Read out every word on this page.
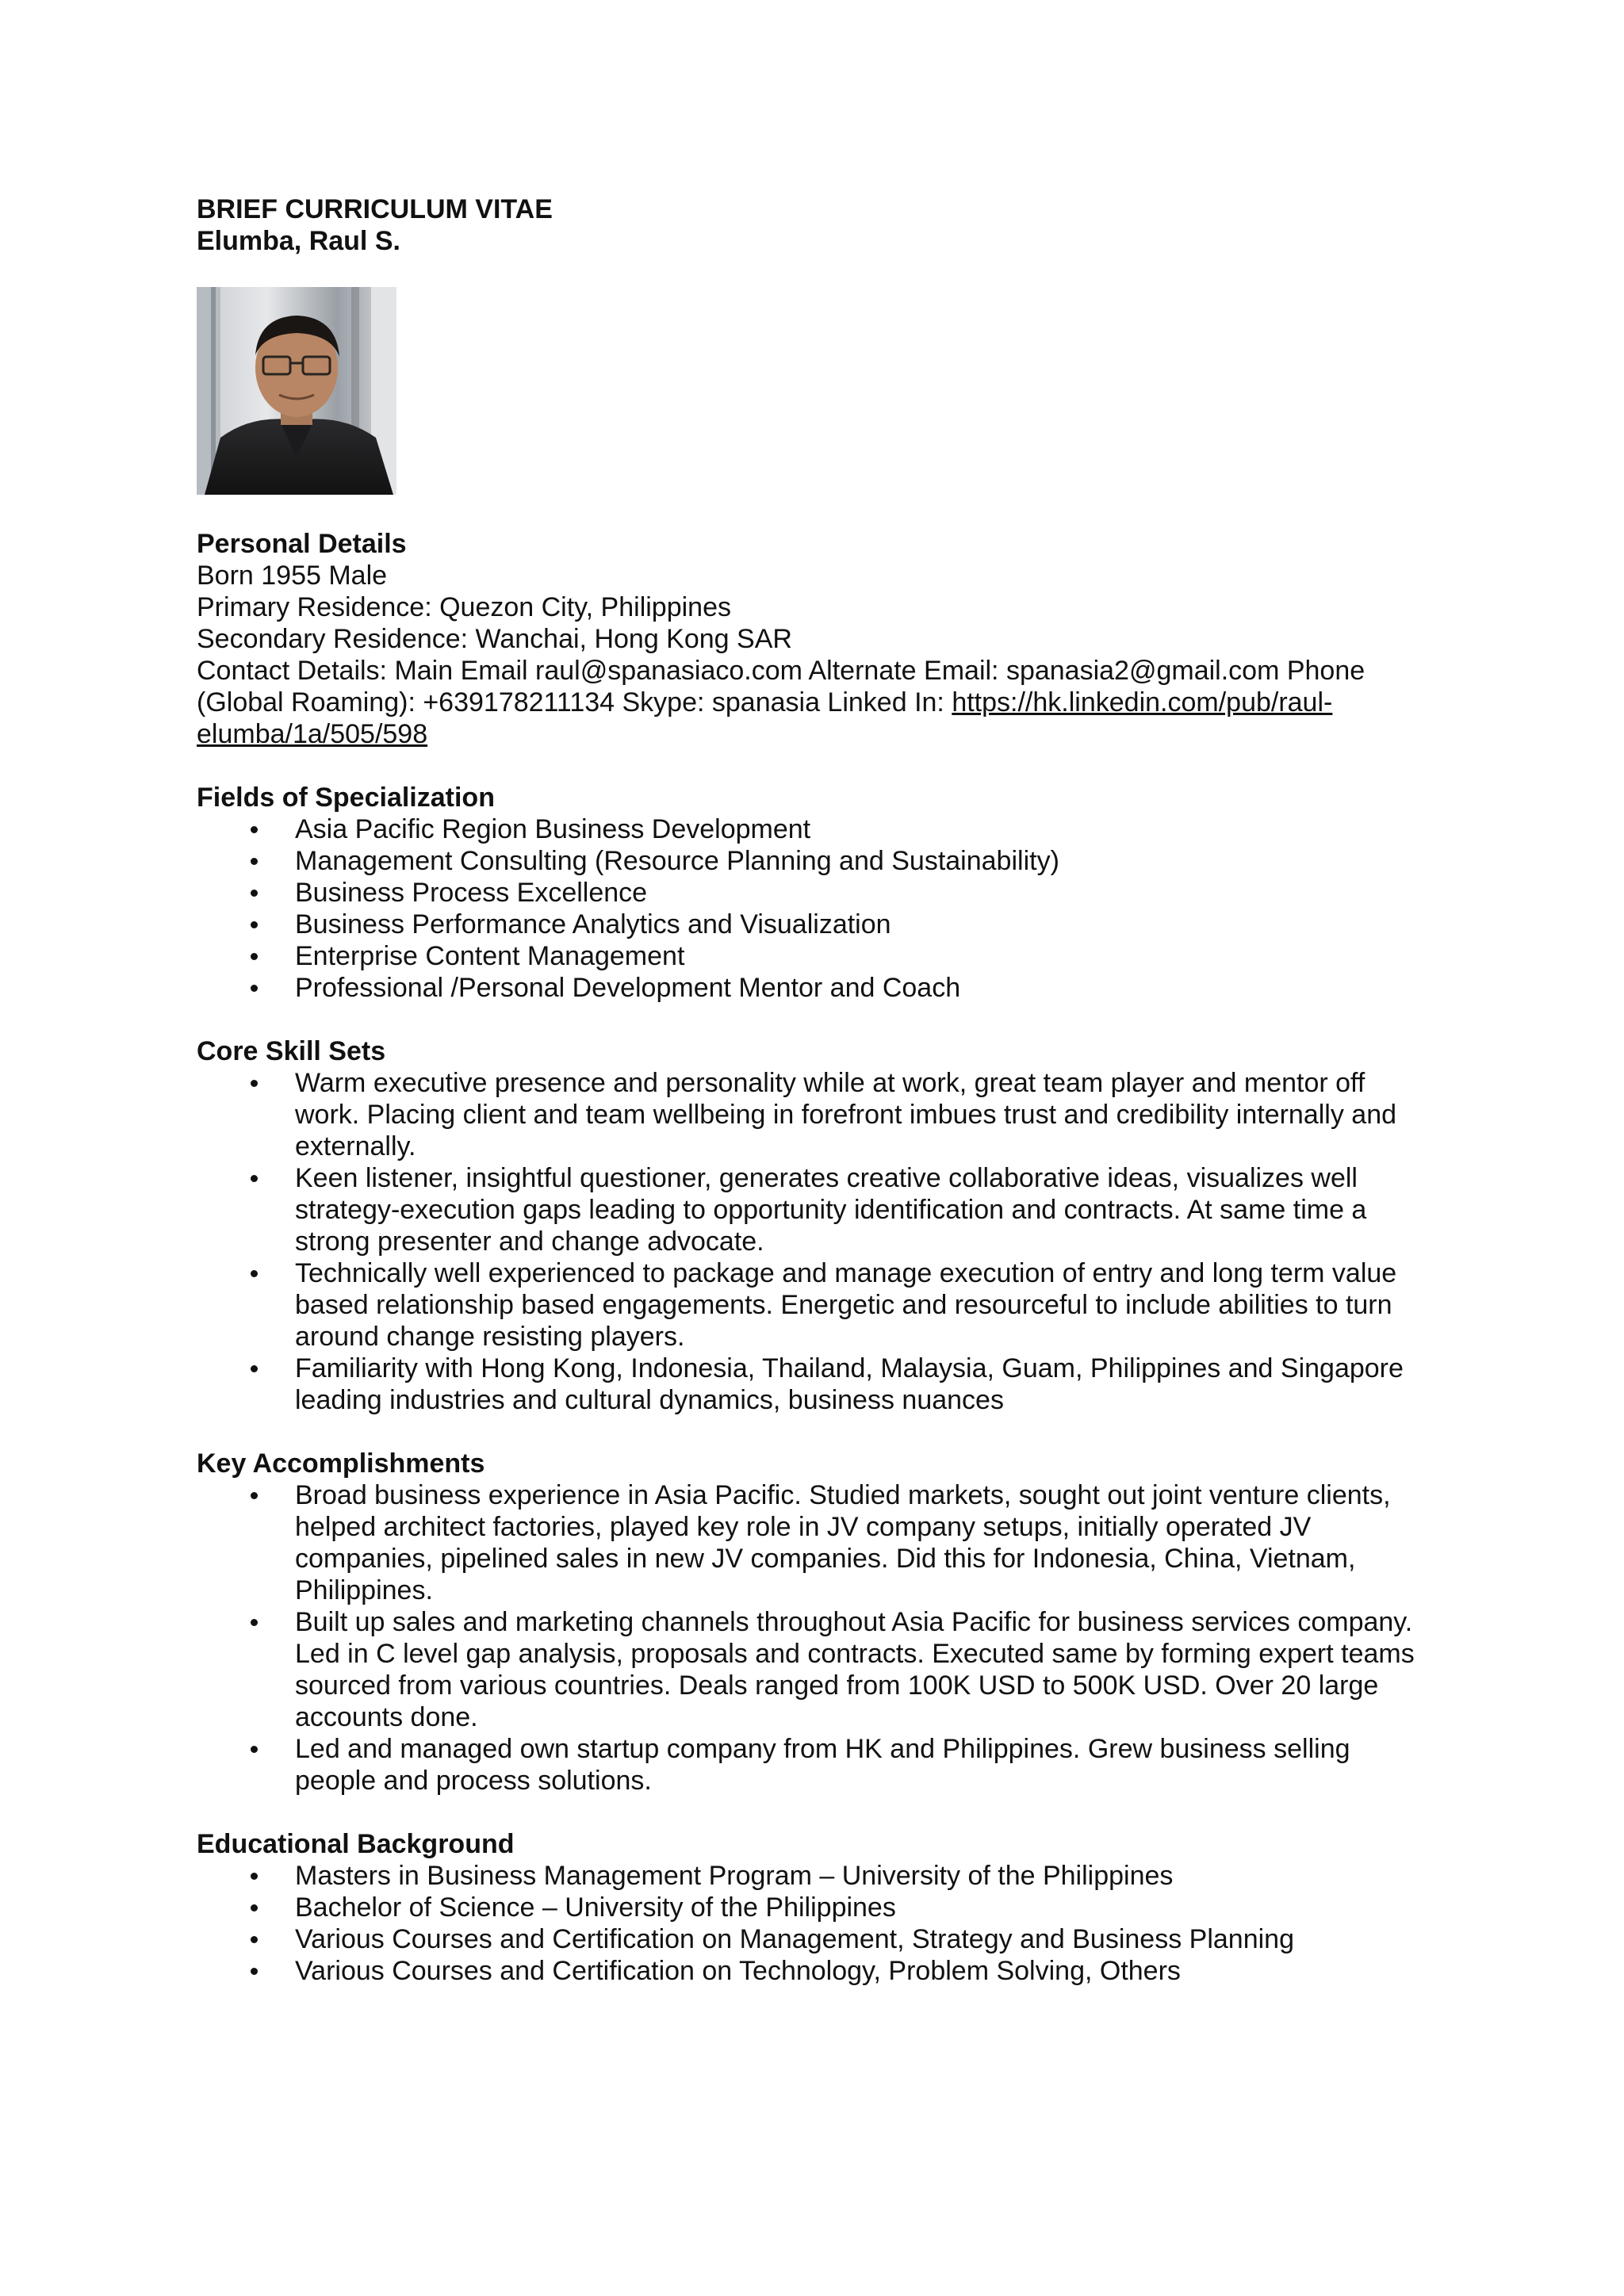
BRIEF CURRICULUM VITAE

Elumba, Raul S.

Personal Details

Born 1955 Male

Primary Residence: Quezon City, Philippines

Secondary Residence: Wanchai, Hong Kong SAR

Contact Details: Main Email raul@spanasiaco.com Alternate Email: spanasia2@gmail.com Phone (Global Roaming): +639178211134 Skype: spanasia Linked In: https://hk.linkedin.com/pub/raul-elumba/1a/505/598

Fields of Specialization

Asia Pacific Region Business Development
Management Consulting (Resource Planning and Sustainability)
Business Process Excellence
Business Performance Analytics and Visualization
Enterprise Content Management
Professional /Personal Development Mentor and Coach

Core Skill Sets

Warm executive presence and personality while at work, great team player and mentor off work. Placing client and team wellbeing in forefront imbues trust and credibility internally and externally.
Keen listener, insightful questioner, generates creative collaborative ideas, visualizes well strategy-execution gaps leading to opportunity identification and contracts. At same time a strong presenter and change advocate.
Technically well experienced to package and manage execution of entry and long term value based relationship based engagements. Energetic and resourceful to include abilities to turn around change resisting players.
Familiarity with Hong Kong, Indonesia, Thailand, Malaysia, Guam, Philippines and Singapore leading industries and cultural dynamics, business nuances

Key Accomplishments

Broad business experience in Asia Pacific. Studied markets, sought out joint venture clients, helped architect factories, played key role in JV company setups, initially operated JV companies, pipelined sales in new JV companies. Did this for Indonesia, China, Vietnam, Philippines.
Built up sales and marketing channels throughout Asia Pacific for business services company. Led in C level gap analysis, proposals and contracts. Executed same by forming expert teams sourced from various countries. Deals ranged from 100K USD to 500K USD. Over 20 large accounts done.
Led and managed own startup company from HK and Philippines. Grew business selling people and process solutions.

Educational Background

Masters in Business Management Program – University of the Philippines
Bachelor of Science – University of the Philippines
Various Courses and Certification on Management, Strategy and Business Planning
Various Courses and Certification on Technology, Problem Solving, Others
